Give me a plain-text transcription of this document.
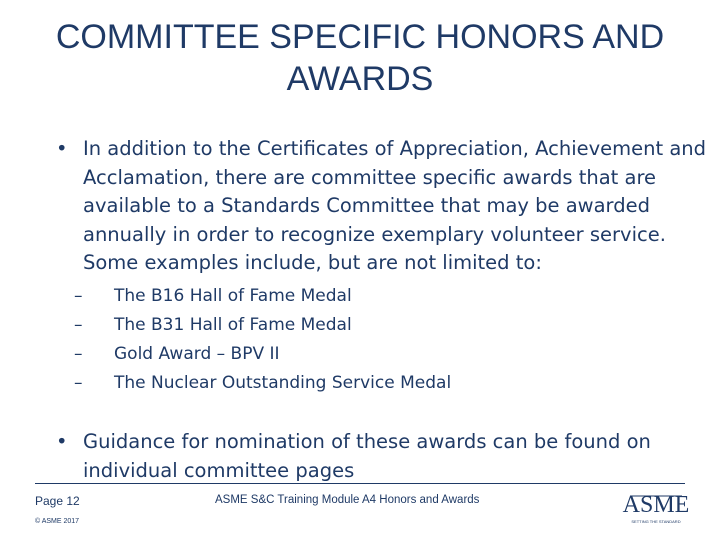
COMMITTEE SPECIFIC HONORS AND AWARDS
• In addition to the Certificates of Appreciation, Achievement and Acclamation, there are committee specific awards that are available to a Standards Committee that may be awarded annually in order to recognize exemplary volunteer service. Some examples include, but are not limited to:
–	The B16 Hall of Fame Medal
–	The B31 Hall of Fame Medal
–	Gold Award – BPV II
–	The Nuclear Outstanding Service Medal
• Guidance for nomination of these awards can be found on individual committee pages
Page 12	ASME S&C Training Module A4 Honors and Awards
© ASME 2017
ASME
SETTING THE STANDARD
